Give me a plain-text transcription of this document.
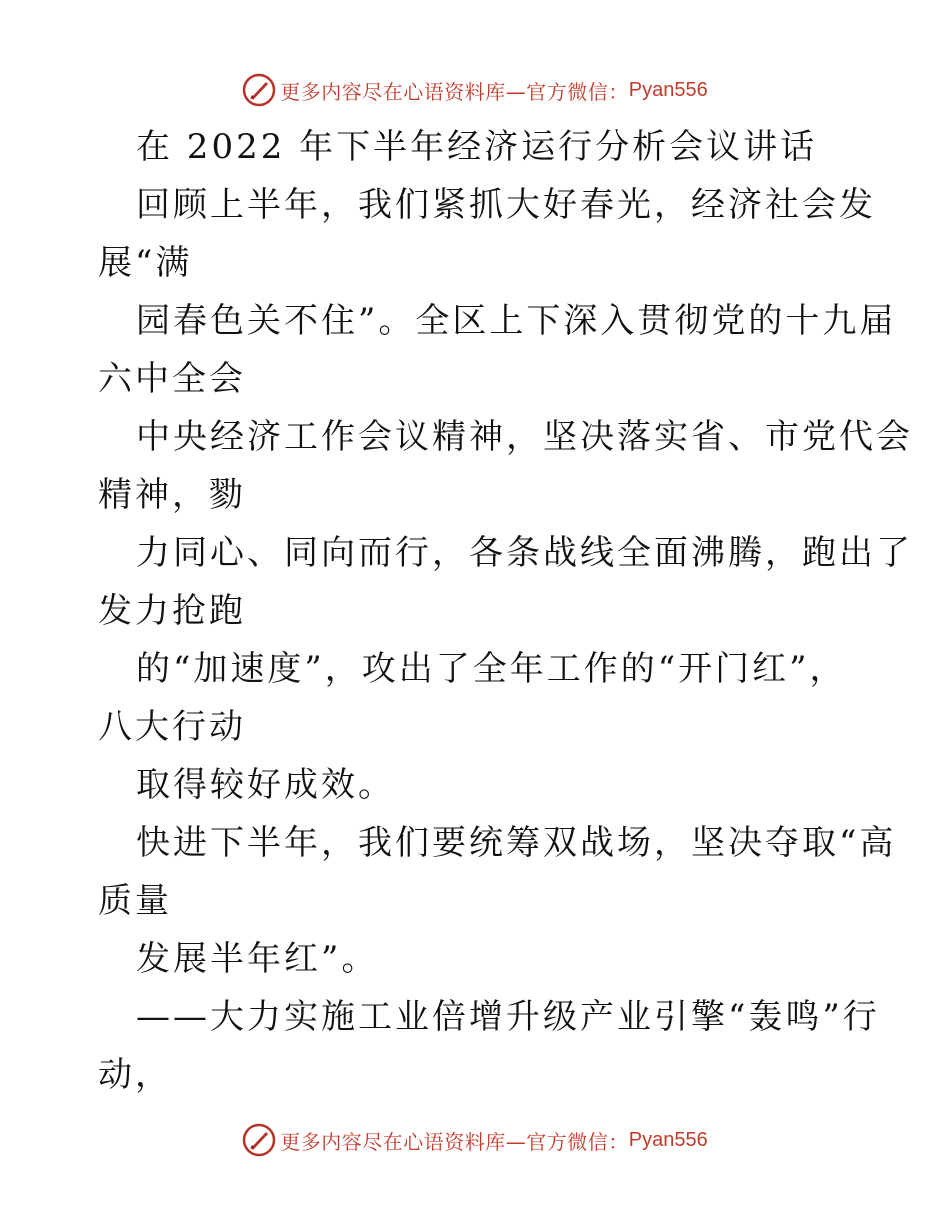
更多内容尽在心语资料库—官方微信： Pyan556
在 2022 年下半年经济运行分析会议讲话
回顾上半年，我们紧抓大好春光，经济社会发
展“满
园春色关不住”。全区上下深入贯彻党的十九届
六中全会
中央经济工作会议精神，坚决落实省、市党代会
精神，勠
力同心、同向而行，各条战线全面沸腾，跑出了
发力抢跑
的“加速度”，攻出了全年工作的“开门红”，
八大行动
取得较好成效。
快进下半年，我们要统筹双战场，坚决夺取“高
质量
发展半年红”。
——大力实施工业倍增升级产业引擎“轰鸣”行
动，
更多内容尽在心语资料库—官方微信： Pyan556
